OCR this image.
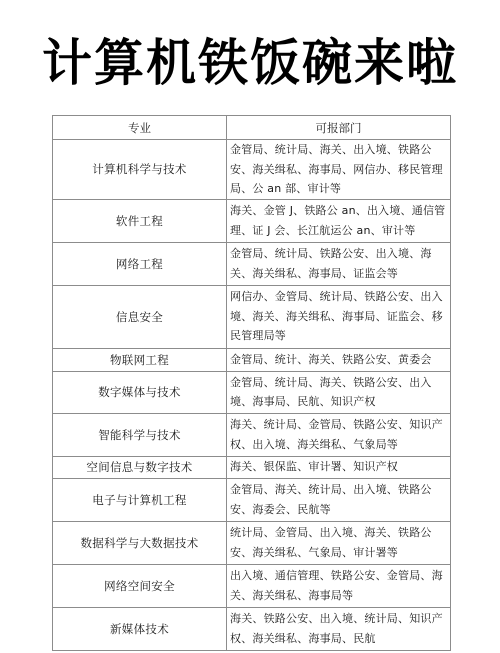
计算机铁饭碗来啦
专业	可报部门
计算机科学与技术	金管局、统计局、海关、出入境、铁路公安、海关缉私、海事局、网信办、移民管理局、公 an 部、审计等
软件工程	海关、金管 J、铁路公 an、出入境、通信管理、证 J 会、长江航运公 an、审计等
网络工程	金管局、统计局、铁路公安、出入境、海关、海关缉私、海事局、证监会等
信息安全	网信办、金管局、统计局、铁路公安、出入境、海关、海关缉私、海事局、证监会、移民管理局等
物联网工程	金管局、统计、海关、铁路公安、黄委会
数字媒体与技术	金管局、统计局、海关、铁路公安、出入境、海事局、民航、知识产权
智能科学与技术	海关、统计局、金管局、铁路公安、知识产权、出入境、海关缉私、气象局等
空间信息与数字技术	海关、银保监、审计署、知识产权
电子与计算机工程	金管局、海关、统计局、出入境、铁路公安、海委会、民航等
数据科学与大数据技术	统计局、金管局、出入境、海关、铁路公安、海关缉私、气象局、审计署等
网络空间安全	出入境、通信管理、铁路公安、金管局、海关、海关缉私、海事局等
新媒体技术	海关、铁路公安、出入境、统计局、知识产权、海关缉私、海事局、民航
